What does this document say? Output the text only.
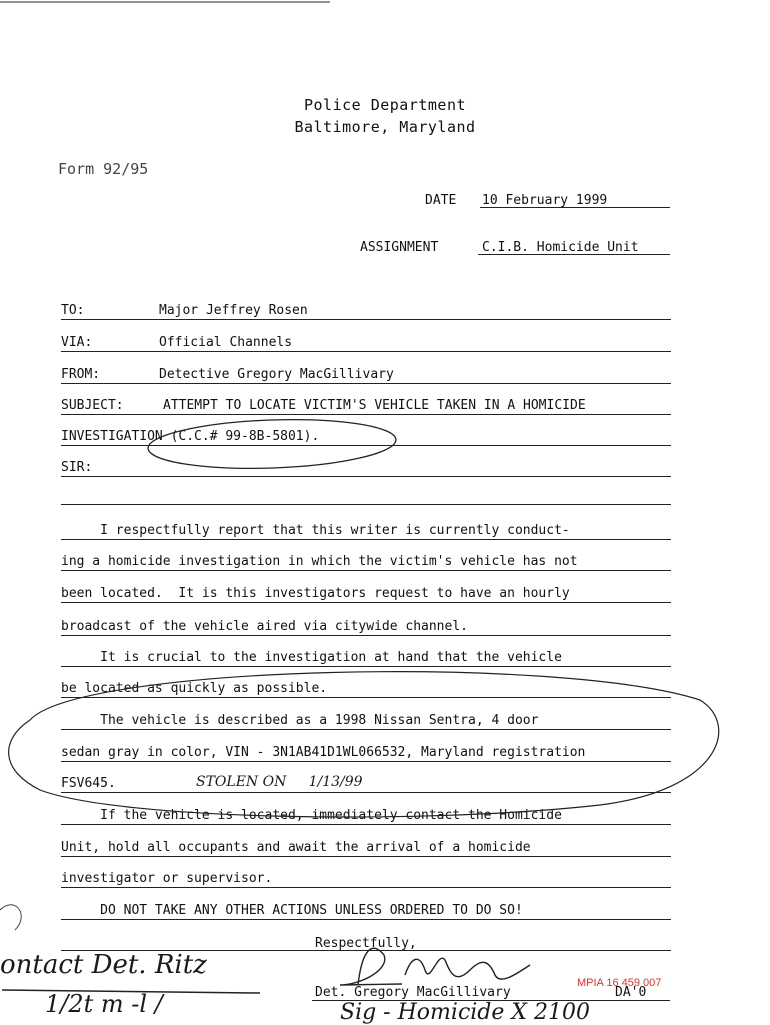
Police Department
Baltimore, Maryland
Form 92/95
DATE 10 February 1999
ASSIGNMENT	C.I.B. Homicide Unit
TO:	Major Jeffrey Rosen
VIA:	Official Channels
FROM:	Detective Gregory MacGillivary
SUBJECT:	ATTEMPT TO LOCATE VICTIM'S VEHICLE TAKEN IN A HOMICIDE
INVESTIGATION (C.C.# 99-8B-5801).
SIR:
I respectfully report that this writer is currently conduct-
ing a homicide investigation in which the victim's vehicle has not
been located.  It is this investigators request to have an hourly
broadcast of the vehicle aired via citywide channel.
It is crucial to the investigation at hand that the vehicle
be located as quickly as possible.
The vehicle is described as a 1998 Nissan Sentra, 4 door
sedan gray in color, VIN - 3N1AB41D1WL066532, Maryland registration
FSV645.	STOLEN ON     1/13/99
If the vehicle is located, immediately contact the Homicide
Unit, hold all occupants and await the arrival of a homicide
investigator or supervisor.
DO NOT TAKE ANY OTHER ACTIONS UNLESS ORDERED TO DO SO!
Respectfully,
Det. Gregory MacGillivary	DA'0
MPIA 16 459 007
ontact Det. Ritz
1/2t m -l /	Sig - Homicide X 2100
